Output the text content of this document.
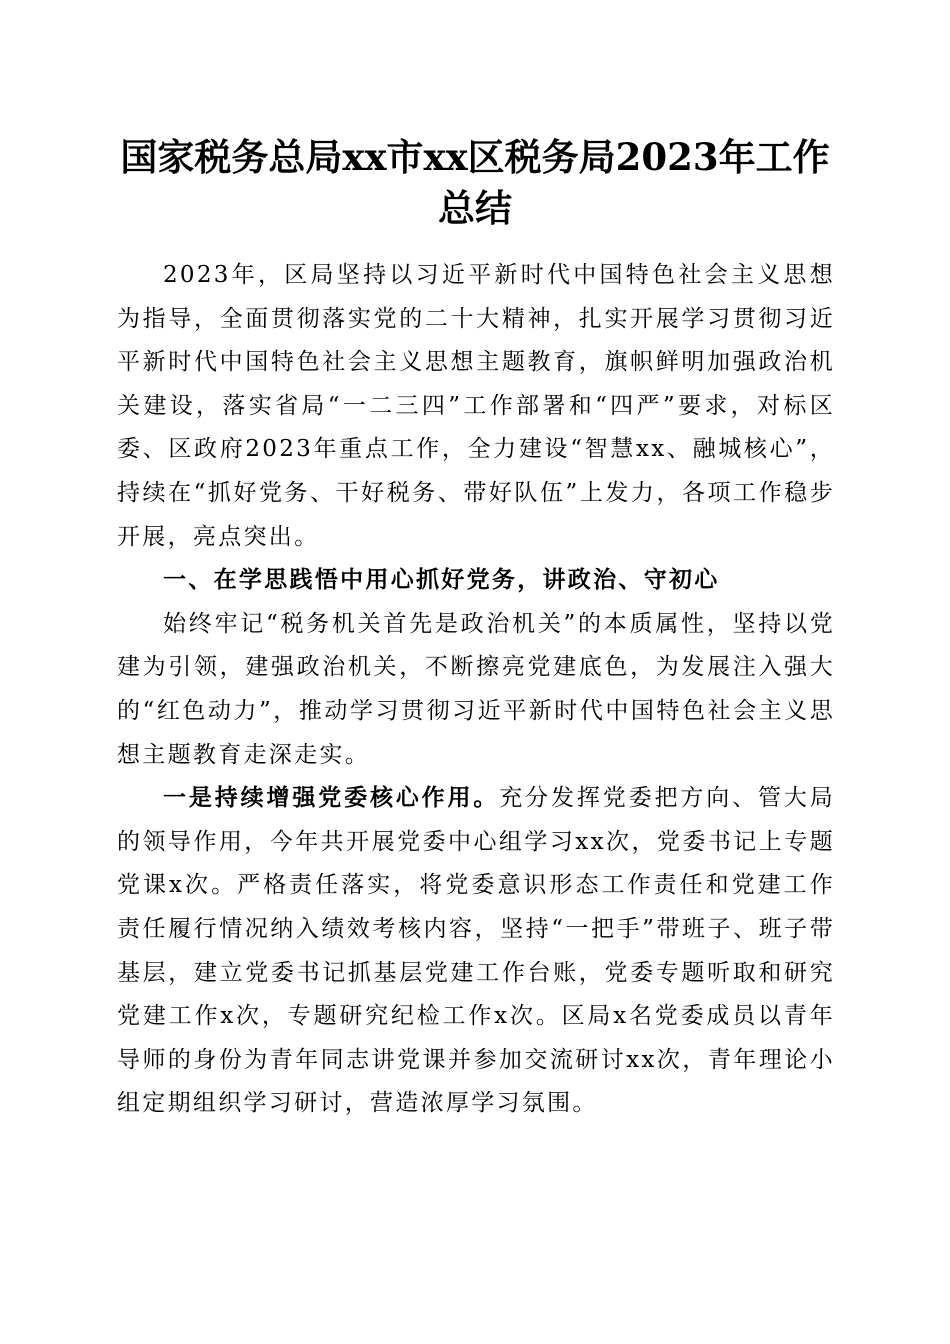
国家税务总局xx市xx区税务局2023年工作
总结

2023年，区局坚持以习近平新时代中国特色社会主义思想为指导，全面贯彻落实党的二十大精神，扎实开展学习贯彻习近平新时代中国特色社会主义思想主题教育，旗帜鲜明加强政治机关建设，落实省局“一二三四”工作部署和“四严”要求，对标区委、区政府2023年重点工作，全力建设“智慧xx、融城核心”，持续在“抓好党务、干好税务、带好队伍”上发力，各项工作稳步开展，亮点突出。

一、在学思践悟中用心抓好党务，讲政治、守初心

始终牢记“税务机关首先是政治机关”的本质属性，坚持以党建为引领，建强政治机关，不断擦亮党建底色，为发展注入强大的“红色动力”，推动学习贯彻习近平新时代中国特色社会主义思想主题教育走深走实。

一是持续增强党委核心作用。充分发挥党委把方向、管大局的领导作用，今年共开展党委中心组学习xx次，党委书记上专题党课x次。严格责任落实，将党委意识形态工作责任和党建工作责任履行情况纳入绩效考核内容，坚持“一把手”带班子、班子带基层，建立党委书记抓基层党建工作台账，党委专题听取和研究党建工作x次，专题研究纪检工作x次。区局x名党委成员以青年导师的身份为青年同志讲党课并参加交流研讨xx次，青年理论小组定期组织学习研讨，营造浓厚学习氛围。
